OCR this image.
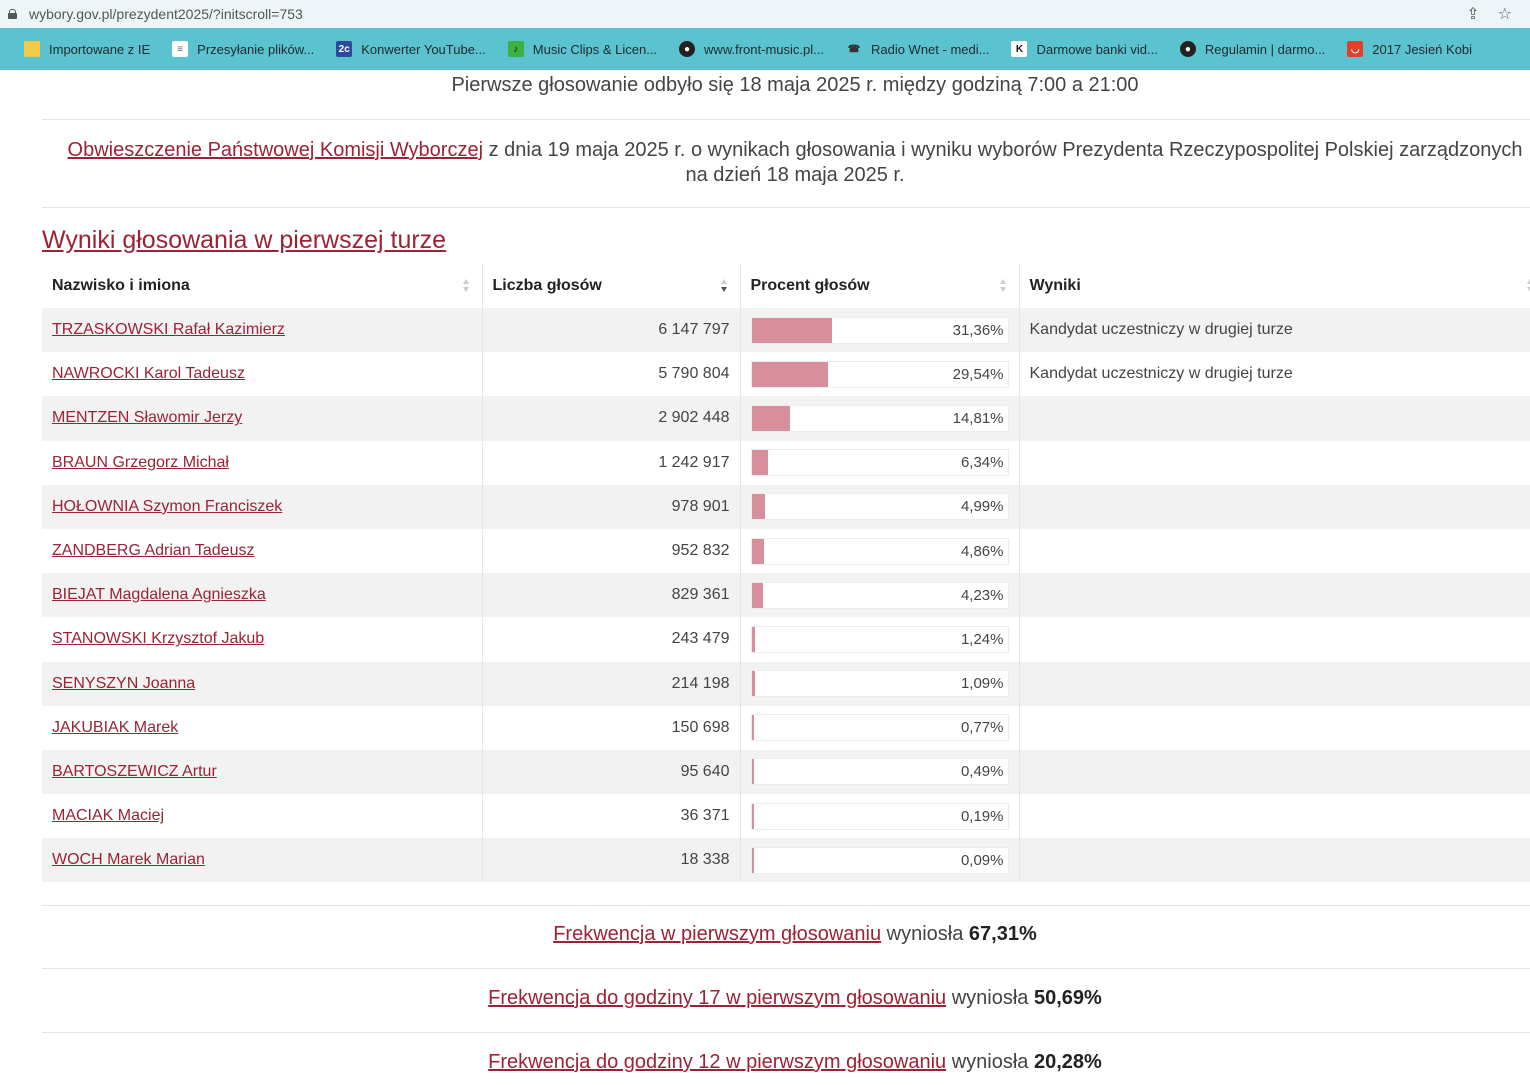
wybory.gov.pl/prezydent2025/?initscroll=753	⇪ ☆
Importowane z IE	≡	Przesyłanie plików... 2c Konwerter YouTube...	♪	Music Clips & Licen...	●	www.front-music.pl... ☎ Radio Wnet - medi...	K	Darmowe banki vid...	●	Regulamin | darmo...	◡ 2017 Jesień Kobi
Pierwsze głosowanie odbyło się 18 maja 2025 r. między godziną 7:00 a 21:00
Obwieszczenie Państwowej Komisji Wyborczej z dnia 19 maja 2025 r. o wynikach głosowania i wyniku wyborów Prezydenta Rzeczypospolitej Polskiej zarządzonych na dzień 18 maja 2025 r.
Wyniki głosowania w pierwszej turze
Nazwisko i imiona	Liczba głosów	Procent głosów	Wyniki

TRZASKOWSKI Rafał Kazimierz	6 147 797	31,36%	Kandydat uczestniczy w drugiej turze
NAWROCKI Karol Tadeusz	5 790 804	29,54%	Kandydat uczestniczy w drugiej turze
MENTZEN Sławomir Jerzy	2 902 448	14,81%	

BRAUN Grzegorz Michał	1 242 917	6,34%	

HOŁOWNIA Szymon Franciszek	978 901	4,99%	

ZANDBERG Adrian Tadeusz	952 832	4,86%	

BIEJAT Magdalena Agnieszka	829 361	4,23%	

STANOWSKI Krzysztof Jakub	243 479	1,24%	

SENYSZYN Joanna	214 198	1,09%	

JAKUBIAK Marek	150 698	0,77%	

BARTOSZEWICZ Artur	95 640	0,49%	

MACIAK Maciej	36 371	0,19%	

WOCH Marek Marian	18 338	0,09%	

Frekwencja w pierwszym głosowaniu wyniosła 67,31%
Frekwencja do godziny 17 w pierwszym głosowaniu wyniosła 50,69%
Frekwencja do godziny 12 w pierwszym głosowaniu wyniosła 20,28%
